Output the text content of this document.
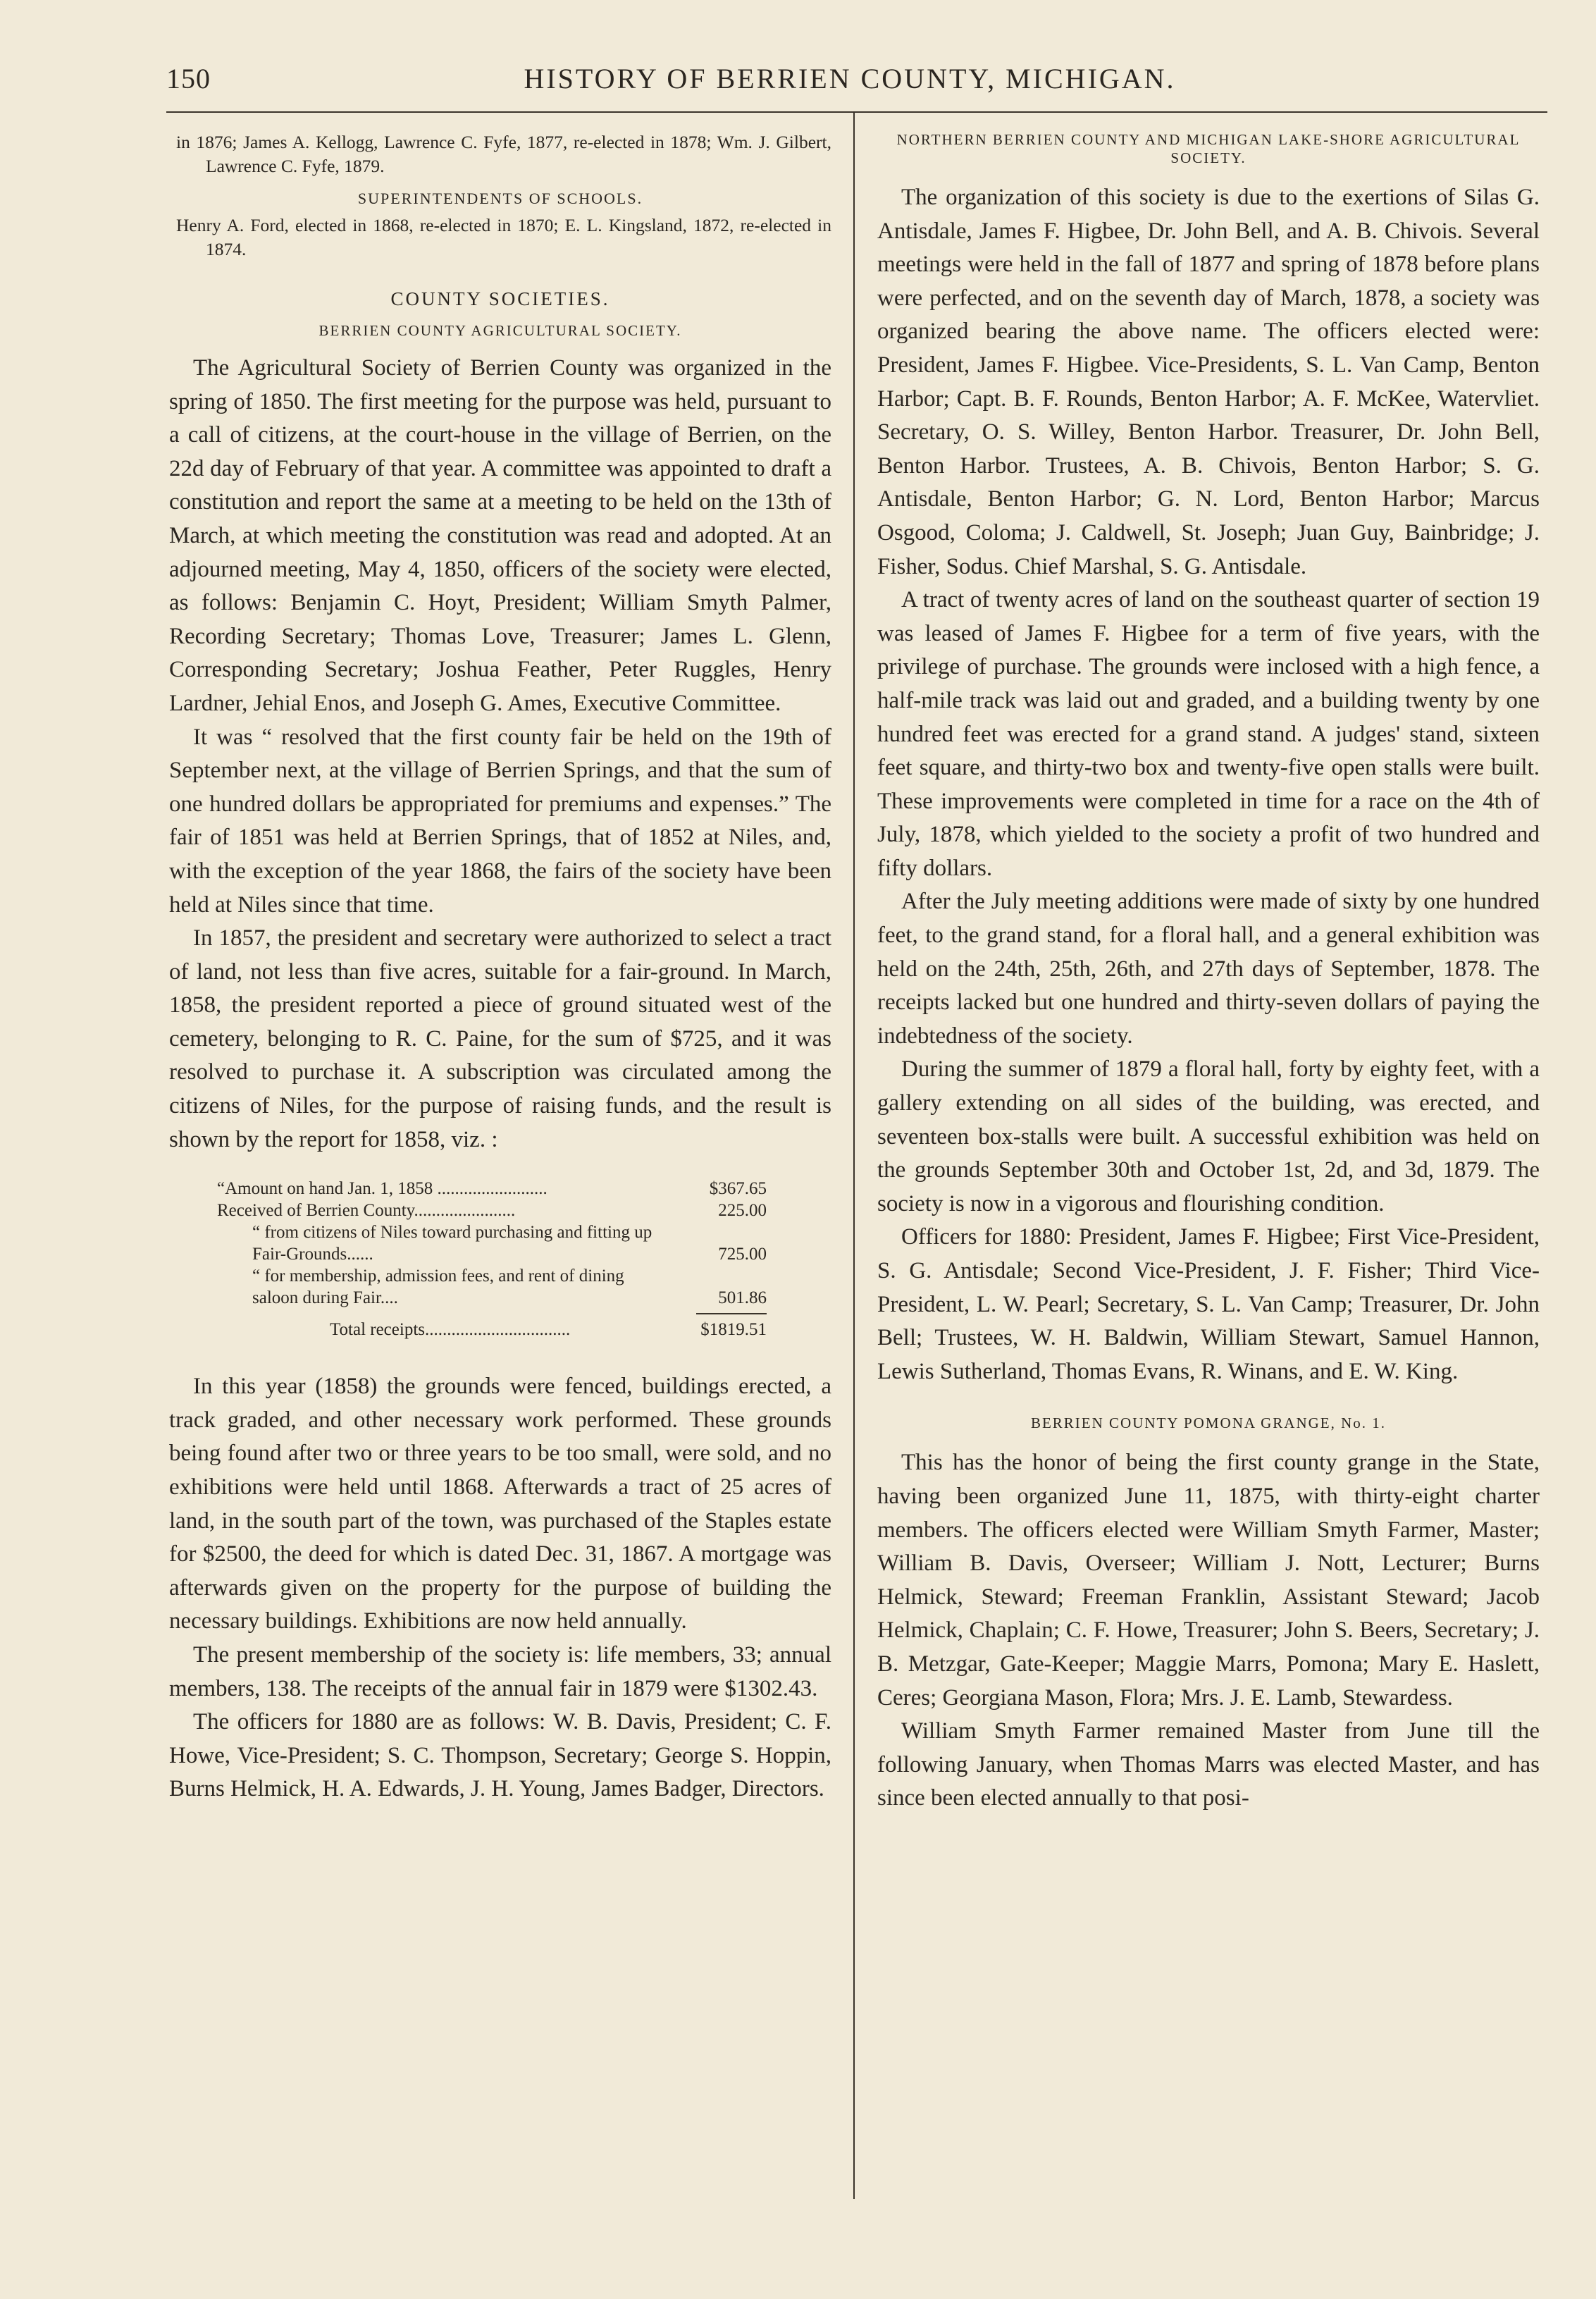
150	HISTORY OF BERRIEN COUNTY, MICHIGAN.

in 1876; James A. Kellogg, Lawrence C. Fyfe, 1877, re-elected in 1878; Wm. J. Gilbert, Lawrence C. Fyfe, 1879.

SUPERINTENDENTS OF SCHOOLS.

Henry A. Ford, elected in 1868, re-elected in 1870; E. L. Kingsland, 1872, re-elected in 1874.

COUNTY SOCIETIES.
BERRIEN COUNTY AGRICULTURAL SOCIETY.

The Agricultural Society of Berrien County was organized in the spring of 1850. The first meeting for the purpose was held, pursuant to a call of citizens, at the court-house in the village of Berrien, on the 22d day of February of that year. A committee was appointed to draft a constitution and report the same at a meeting to be held on the 13th of March, at which meeting the constitution was read and adopted. At an adjourned meeting, May 4, 1850, officers of the society were elected, as follows: Benjamin C. Hoyt, President; William Smyth Palmer, Recording Secretary; Thomas Love, Treasurer; James L. Glenn, Corresponding Secretary; Joshua Feather, Peter Ruggles, Henry Lardner, Jehial Enos, and Joseph G. Ames, Executive Committee.

It was “ resolved that the first county fair be held on the 19th of September next, at the village of Berrien Springs, and that the sum of one hundred dollars be appropriated for premiums and expenses.” The fair of 1851 was held at Berrien Springs, that of 1852 at Niles, and, with the exception of the year 1868, the fairs of the society have been held at Niles since that time.

In 1857, the president and secretary were authorized to select a tract of land, not less than five acres, suitable for a fair-ground. In March, 1858, the president reported a piece of ground situated west of the cemetery, belonging to R. C. Paine, for the sum of $725, and it was resolved to purchase it. A subscription was circulated among the citizens of Niles, for the purpose of raising funds, and the result is shown by the report for 1858, viz. :

“Amount on hand Jan. 1, 1858 .........................	$367.65
Received of Berrien County.......................	225.00
“ from citizens of Niles toward purchasing and fitting up Fair-Grounds......	725.00
“ for membership, admission fees, and rent of dining saloon during Fair....	501.86
Total receipts.................................	$1819.51

In this year (1858) the grounds were fenced, buildings erected, a track graded, and other necessary work performed. These grounds being found after two or three years to be too small, were sold, and no exhibitions were held until 1868. Afterwards a tract of 25 acres of land, in the south part of the town, was purchased of the Staples estate for $2500, the deed for which is dated Dec. 31, 1867. A mortgage was afterwards given on the property for the purpose of building the necessary buildings. Exhibitions are now held annually.

The present membership of the society is: life members, 33; annual members, 138. The receipts of the annual fair in 1879 were $1302.43.

The officers for 1880 are as follows: W. B. Davis, President; C. F. Howe, Vice-President; S. C. Thompson, Secretary; George S. Hoppin, Burns Helmick, H. A. Edwards, J. H. Young, James Badger, Directors.

NORTHERN BERRIEN COUNTY AND MICHIGAN LAKE-SHORE AGRICULTURAL SOCIETY.

The organization of this society is due to the exertions of Silas G. Antisdale, James F. Higbee, Dr. John Bell, and A. B. Chivois. Several meetings were held in the fall of 1877 and spring of 1878 before plans were perfected, and on the seventh day of March, 1878, a society was organized bearing the above name. The officers elected were: President, James F. Higbee. Vice-Presidents, S. L. Van Camp, Benton Harbor; Capt. B. F. Rounds, Benton Harbor; A. F. McKee, Watervliet. Secretary, O. S. Willey, Benton Harbor. Treasurer, Dr. John Bell, Benton Harbor. Trustees, A. B. Chivois, Benton Harbor; S. G. Antisdale, Benton Harbor; G. N. Lord, Benton Harbor; Marcus Osgood, Coloma; J. Caldwell, St. Joseph; Juan Guy, Bainbridge; J. Fisher, Sodus. Chief Marshal, S. G. Antisdale.

A tract of twenty acres of land on the southeast quarter of section 19 was leased of James F. Higbee for a term of five years, with the privilege of purchase. The grounds were inclosed with a high fence, a half-mile track was laid out and graded, and a building twenty by one hundred feet was erected for a grand stand. A judges' stand, sixteen feet square, and thirty-two box and twenty-five open stalls were built. These improvements were completed in time for a race on the 4th of July, 1878, which yielded to the society a profit of two hundred and fifty dollars.

After the July meeting additions were made of sixty by one hundred feet, to the grand stand, for a floral hall, and a general exhibition was held on the 24th, 25th, 26th, and 27th days of September, 1878. The receipts lacked but one hundred and thirty-seven dollars of paying the indebtedness of the society.

During the summer of 1879 a floral hall, forty by eighty feet, with a gallery extending on all sides of the building, was erected, and seventeen box-stalls were built. A successful exhibition was held on the grounds September 30th and October 1st, 2d, and 3d, 1879. The society is now in a vigorous and flourishing condition.

Officers for 1880: President, James F. Higbee; First Vice-President, S. G. Antisdale; Second Vice-President, J. F. Fisher; Third Vice-President, L. W. Pearl; Secretary, S. L. Van Camp; Treasurer, Dr. John Bell; Trustees, W. H. Baldwin, William Stewart, Samuel Hannon, Lewis Sutherland, Thomas Evans, R. Winans, and E. W. King.

BERRIEN COUNTY POMONA GRANGE, No. 1.

This has the honor of being the first county grange in the State, having been organized June 11, 1875, with thirty-eight charter members. The officers elected were William Smyth Farmer, Master; William B. Davis, Overseer; William J. Nott, Lecturer; Burns Helmick, Steward; Freeman Franklin, Assistant Steward; Jacob Helmick, Chaplain; C. F. Howe, Treasurer; John S. Beers, Secretary; J. B. Metzgar, Gate-Keeper; Maggie Marrs, Pomona; Mary E. Haslett, Ceres; Georgiana Mason, Flora; Mrs. J. E. Lamb, Stewardess.

William Smyth Farmer remained Master from June till the following January, when Thomas Marrs was elected Master, and has since been elected annually to that posi-
